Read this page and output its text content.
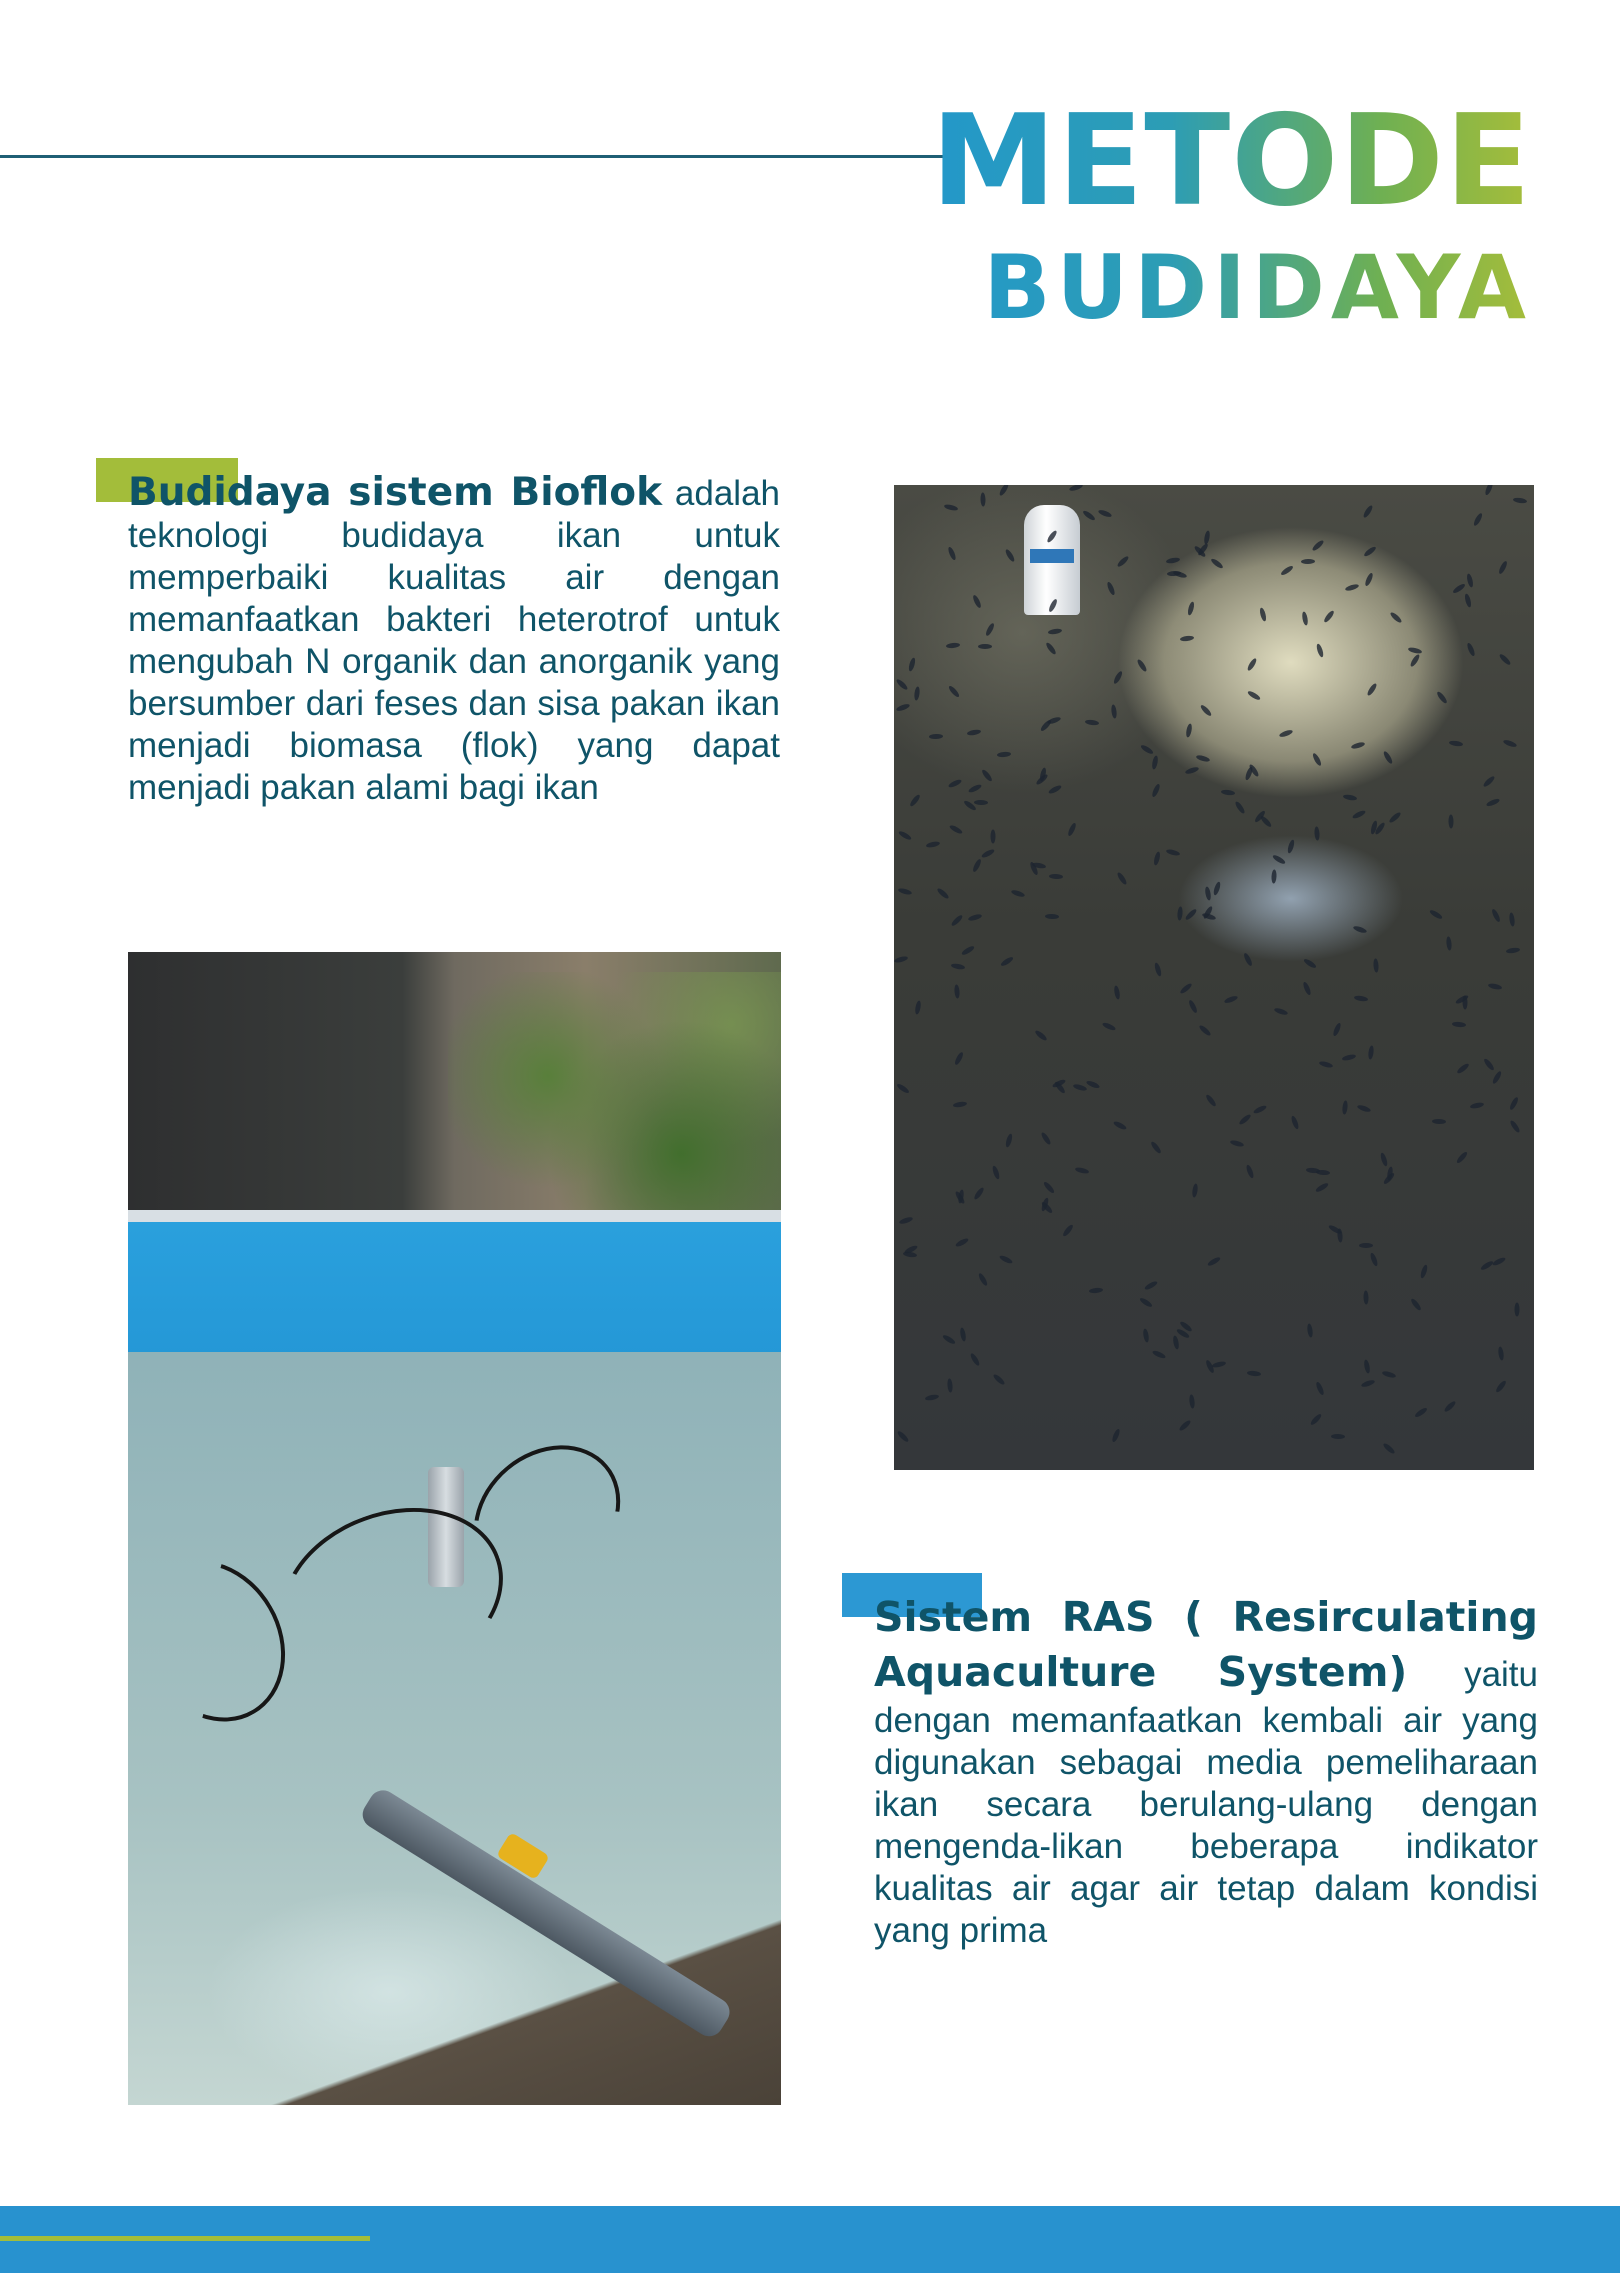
METODE
BUDIDAYA
Budidaya sistem Bioflok adalah teknologi budidaya ikan untuk memperbaiki kualitas air dengan memanfaatkan bakteri heterotrof untuk mengubah N organik dan anorganik yang bersumber dari feses dan sisa pakan ikan menjadi biomasa (flok) yang dapat menjadi pakan alami bagi ikan
Sistem RAS ( Resirculating Aquaculture System) yaitu dengan memanfaatkan kembali air yang digunakan sebagai media pemeliharaan ikan secara berulang-ulang dengan mengenda-likan beberapa indikator kualitas air agar air tetap dalam kondisi yang prima
